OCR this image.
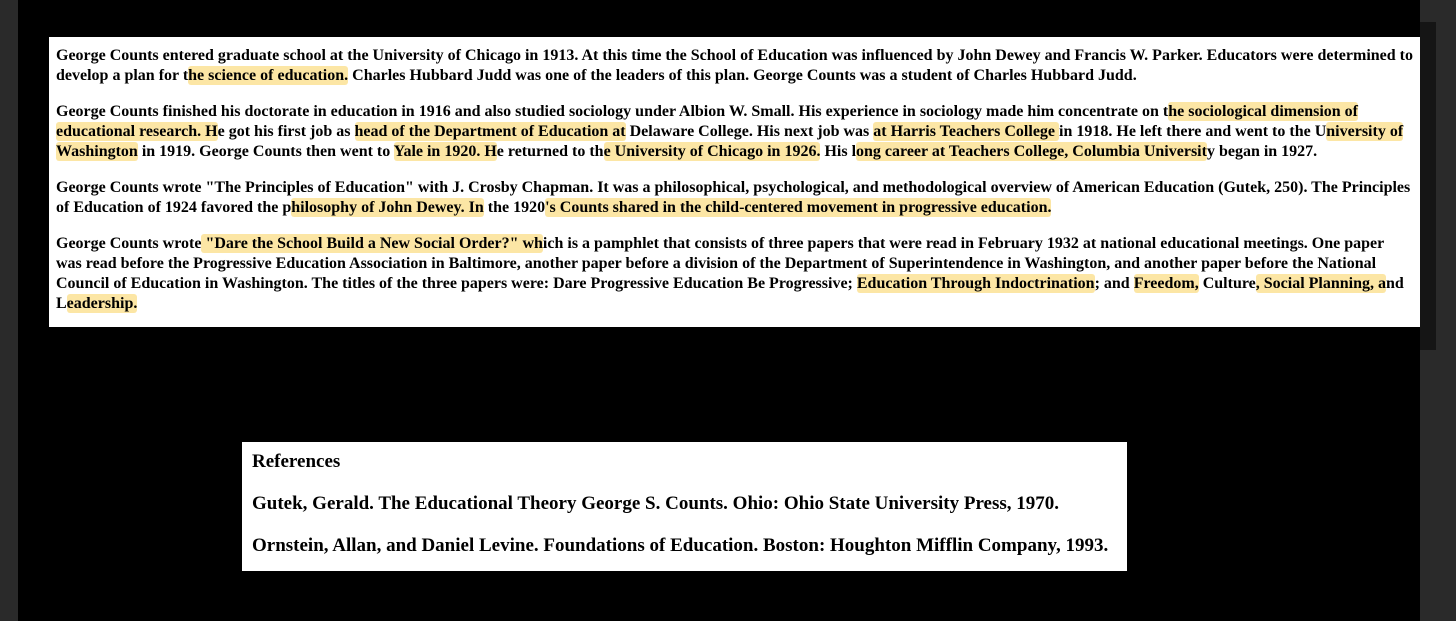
George Counts entered graduate school at the University of Chicago in 1913. At this time the School of Education was influenced by John Dewey and Francis W. Parker. Educators were determined to develop a plan for the science of education. Charles Hubbard Judd was one of the leaders of this plan. George Counts was a student of Charles Hubbard Judd.

George Counts finished his doctorate in education in 1916 and also studied sociology under Albion W. Small. His experience in sociology made him concentrate on the sociological dimension of educational research. He got his first job as head of the Department of Education at Delaware College. His next job was at Harris Teachers College in 1918. He left there and went to the University of Washington in 1919. George Counts then went to Yale in 1920. He returned to the University of Chicago in 1926. His long career at Teachers College, Columbia University began in 1927.

George Counts wrote "The Principles of Education" with J. Crosby Chapman. It was a philosophical, psychological, and methodological overview of American Education (Gutek, 250). The Principles of Education of 1924 favored the philosophy of John Dewey. In the 1920's Counts shared in the child-centered movement in progressive education.

George Counts wrote "Dare the School Build a New Social Order?" which is a pamphlet that consists of three papers that were read in February 1932 at national educational meetings. One paper was read before the Progressive Education Association in Baltimore, another paper before a division of the Department of Superintendence in Washington, and another paper before the National Council of Education in Washington. The titles of the three papers were: Dare Progressive Education Be Progressive; Education Through Indoctrination; and Freedom, Culture, Social Planning, and Leadership.

References
Gutek, Gerald. The Educational Theory George S. Counts. Ohio: Ohio State University Press, 1970.
Ornstein, Allan, and Daniel Levine. Foundations of Education. Boston: Houghton Mifflin Company, 1993.
